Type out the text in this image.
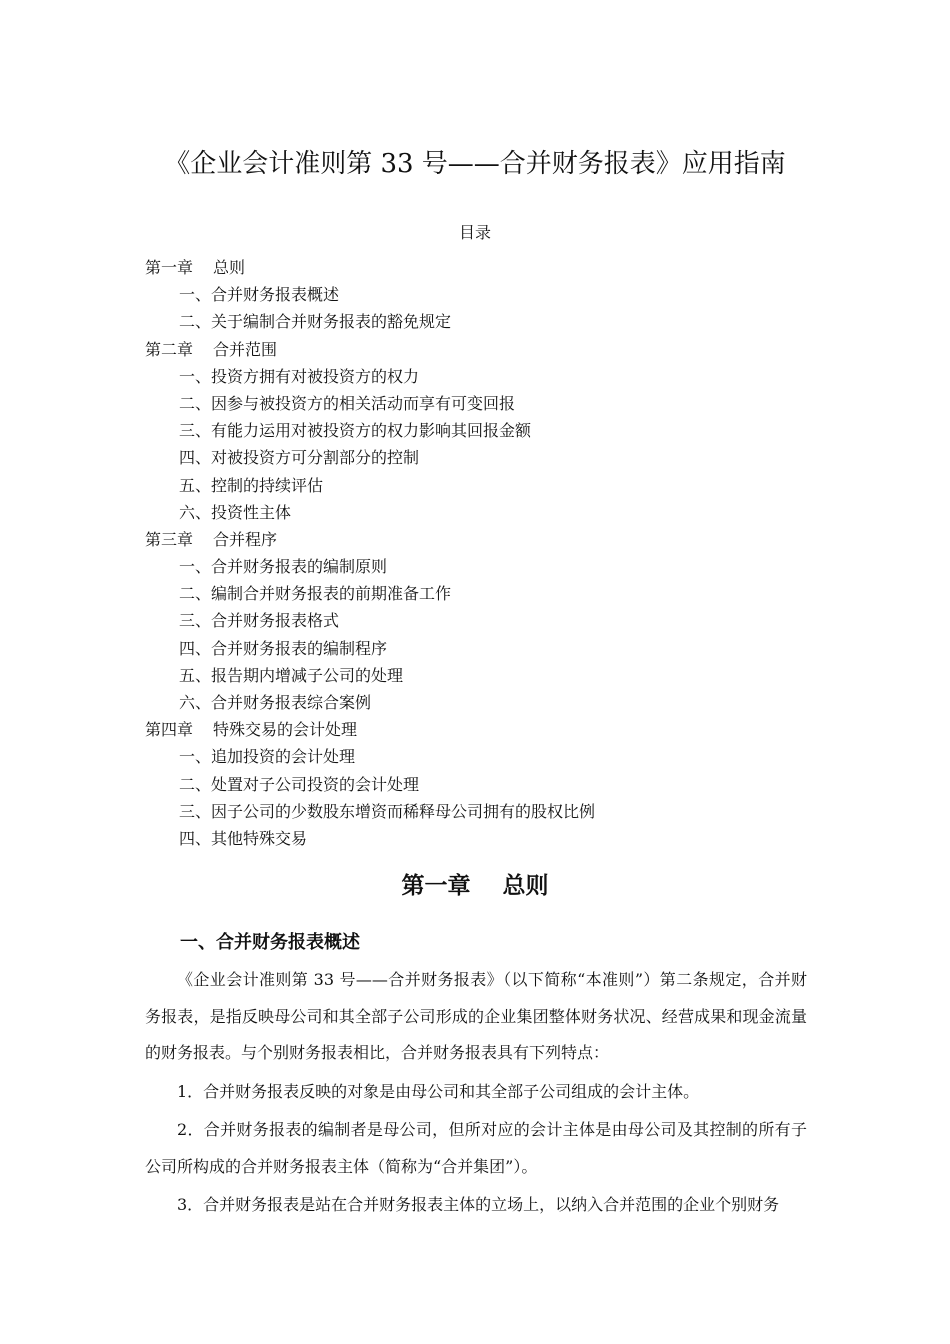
《企业会计准则第 33 号——合并财务报表》应用指南
目录
第一章 总则
一、合并财务报表概述
二、关于编制合并财务报表的豁免规定
第二章 合并范围
一、投资方拥有对被投资方的权力
二、因参与被投资方的相关活动而享有可变回报
三、有能力运用对被投资方的权力影响其回报金额
四、对被投资方可分割部分的控制
五、控制的持续评估
六、投资性主体
第三章 合并程序
一、合并财务报表的编制原则
二、编制合并财务报表的前期准备工作
三、合并财务报表格式
四、合并财务报表的编制程序
五、报告期内增减子公司的处理
六、合并财务报表综合案例
第四章 特殊交易的会计处理
一、追加投资的会计处理
二、处置对子公司投资的会计处理
三、因子公司的少数股东增资而稀释母公司拥有的股权比例
四、其他特殊交易
第一章    总则
一、合并财务报表概述

《企业会计准则第 33 号——合并财务报表》（以下简称“本准则”）第二条规定，合并财务报表，是指反映母公司和其全部子公司形成的企业集团整体财务状况、经营成果和现金流量的财务报表。与个别财务报表相比，合并财务报表具有下列特点：

1．合并财务报表反映的对象是由母公司和其全部子公司组成的会计主体。

2．合并财务报表的编制者是母公司，但所对应的会计主体是由母公司及其控制的所有子公司所构成的合并财务报表主体（简称为“合并集团”）。

3．合并财务报表是站在合并财务报表主体的立场上，以纳入合并范围的企业个别财务
